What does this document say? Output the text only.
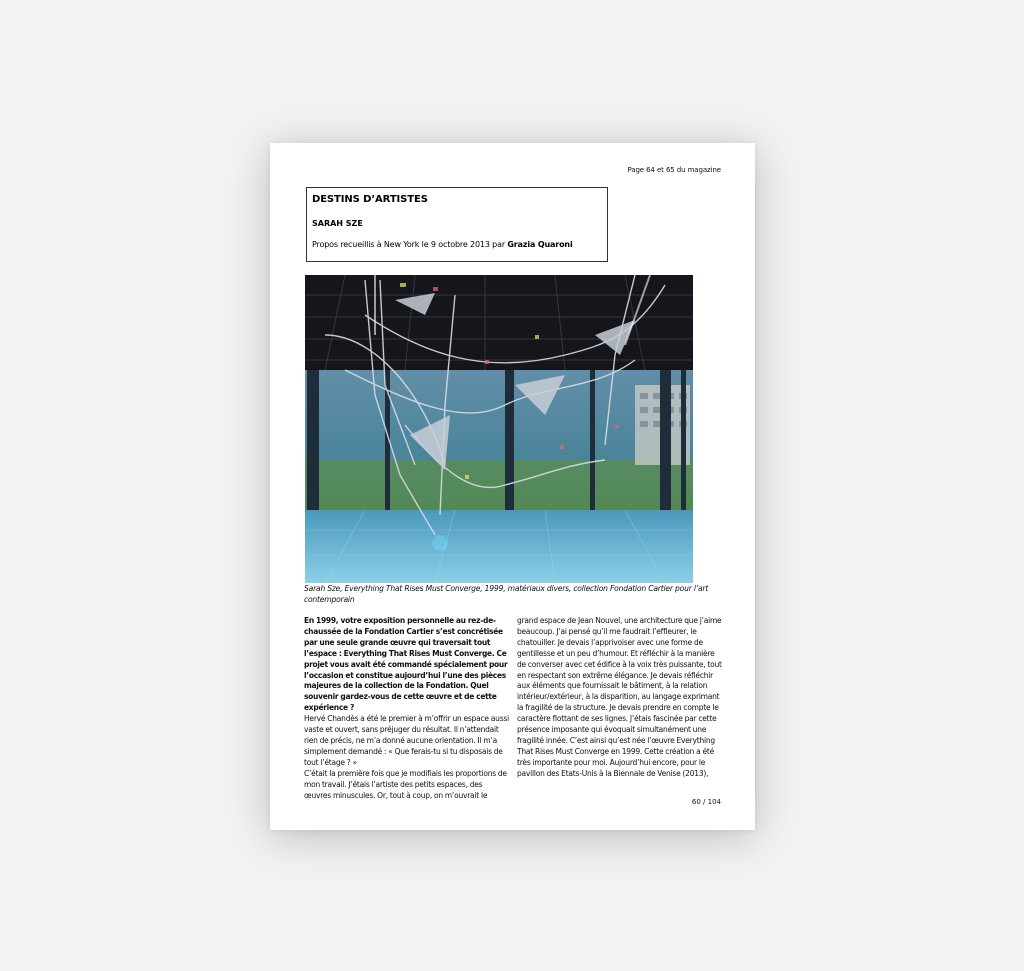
Page 64 et 65 du magazine
DESTINS D’ARTISTES
SARAH SZE
Propos recueillis à New York le 9 octobre 2013 par Grazia Quaroni
Sarah Sze, Everything That Rises Must Converge, 1999, matériaux divers, collection Fondation Cartier pour l’art contemporain

En 1999, votre exposition personnelle au rez-de-chaussée de la Fondation Cartier s’est concrétisée par une seule grande œuvre qui traversait tout l’espace : Everything That Rises Must Converge. Ce projet vous avait été commandé spécialement pour l’occasion et constitue aujourd’hui l’une des pièces majeures de la collection de la Fondation. Quel souvenir gardez-vous de cette œuvre et de cette expérience ?

Hervé Chandès a été le premier à m’offrir un espace aussi vaste et ouvert, sans préjuger du résultat. Il n’attendait rien de précis, ne m’a donné aucune orientation. Il m’a simplement demandé : « Que ferais-tu si tu disposais de tout l’étage ? »

C’était la première fois que je modifiais les proportions de mon travail. J’étais l’artiste des petits espaces, des œuvres minuscules. Or, tout à coup, on m’ouvrait le

grand espace de Jean Nouvel, une architecture que j’aime beaucoup. J’ai pensé qu’il me faudrait l’effleurer, le chatouiller. Je devais l’apprivoiser avec une forme de gentillesse et un peu d’humour. Et réfléchir à la manière de converser avec cet édifice à la voix très puissante, tout en respectant son extrême élégance. Je devais réfléchir aux éléments que fournissait le bâtiment, à la relation intérieur/extérieur, à la disparition, au langage exprimant la fragilité de la structure. Je devais prendre en compte le caractère flottant de ses lignes. J’étais fascinée par cette présence imposante qui évoquait simultanément une fragilité innée. C’est ainsi qu’est née l’œuvre Everything That Rises Must Converge en 1999. Cette création a été très importante pour moi. Aujourd’hui encore, pour le pavillon des Etats-Unis à la Biennale de Venise (2013),

60 / 104
